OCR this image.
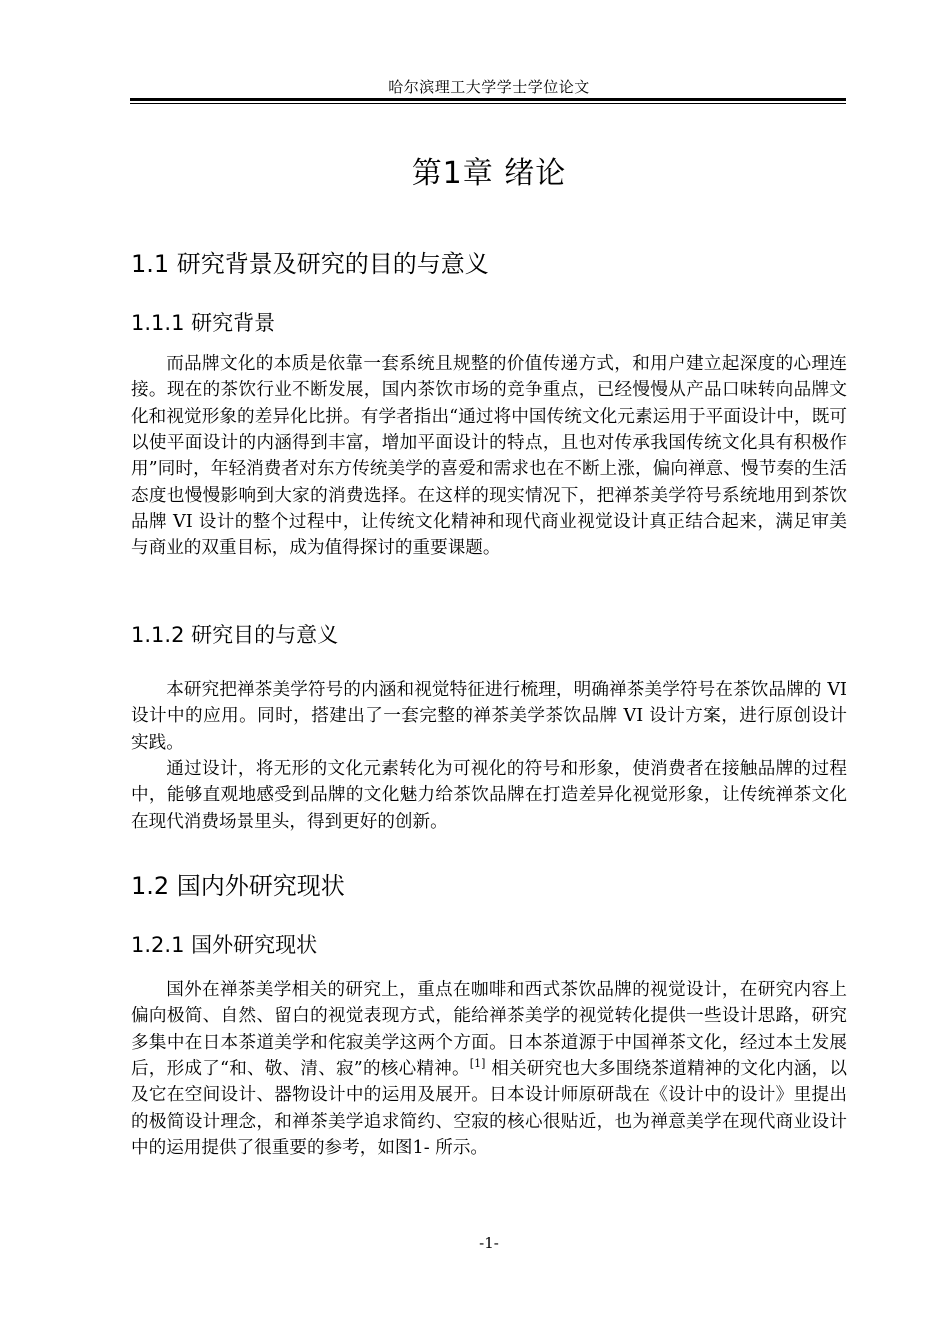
哈尔滨理工大学学士学位论文
第1章 绪论
1.1 研究背景及研究的目的与意义
1.1.1 研究背景

而品牌文化的本质是依靠一套系统且规整的价值传递方式，和用户建立起深度的心理连接。现在的茶饮行业不断发展，国内茶饮市场的竞争重点，已经慢慢从产品口味转向品牌文化和视觉形象的差异化比拼。有学者指出“通过将中国传统文化元素运用于平面设计中，既可以使平面设计的内涵得到丰富，增加平面设计的特点，且也对传承我国传统文化具有积极作用”同时，年轻消费者对东方传统美学的喜爱和需求也在不断上涨，偏向禅意、慢节奏的生活态度也慢慢影响到大家的消费选择。在这样的现实情况下，把禅茶美学符号系统地用到茶饮品牌 VI 设计的整个过程中，让传统文化精神和现代商业视觉设计真正结合起来，满足审美与商业的双重目标，成为值得探讨的重要课题。

1.1.2 研究目的与意义

本研究把禅茶美学符号的内涵和视觉特征进行梳理，明确禅茶美学符号在茶饮品牌的 VI 设计中的应用。同时，搭建出了一套完整的禅茶美学茶饮品牌 VI 设计方案，进行原创设计实践。

通过设计，将无形的文化元素转化为可视化的符号和形象，使消费者在接触品牌的过程中，能够直观地感受到品牌的文化魅力给茶饮品牌在打造差异化视觉形象，让传统禅茶文化在现代消费场景里头，得到更好的创新。

1.2 国内外研究现状
1.2.1 国外研究现状

国外在禅茶美学相关的研究上，重点在咖啡和西式茶饮品牌的视觉设计，在研究内容上偏向极简、自然、留白的视觉表现方式，能给禅茶美学的视觉转化提供一些设计思路，研究多集中在日本茶道美学和侘寂美学这两个方面。日本茶道源于中国禅茶文化，经过本土发展后，形成了“和、敬、清、寂”的核心精神。[1] 相关研究也大多围绕茶道精神的文化内涵，以及它在空间设计、器物设计中的运用及展开。日本设计师原研哉在《设计中的设计》里提出的极简设计理念，和禅茶美学追求简约、空寂的核心很贴近，也为禅意美学在现代商业设计中的运用提供了很重要的参考，如图1- 所示。

-1-
